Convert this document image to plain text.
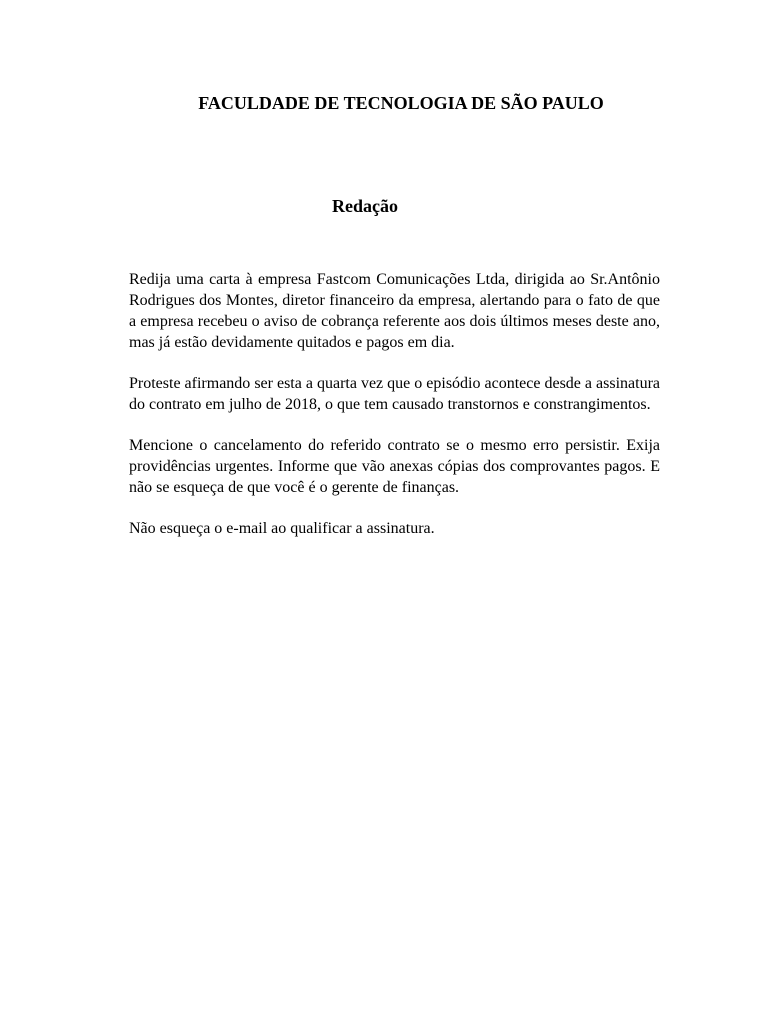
FACULDADE DE TECNOLOGIA DE SÃO PAULO
Redação

Redija uma carta à empresa Fastcom Comunicações Ltda, dirigida ao Sr.Antônio Rodrigues dos Montes, diretor financeiro da empresa, alertando para o fato de que a empresa recebeu o aviso de cobrança referente aos dois últimos meses deste ano, mas já estão devidamente quitados e pagos em dia.

Proteste afirmando ser esta a quarta vez que o episódio acontece desde a assinatura do contrato em julho de 2018, o que tem causado transtornos e constrangimentos.

Mencione o cancelamento do referido contrato se o mesmo erro persistir. Exija providências urgentes. Informe que vão anexas cópias dos comprovantes pagos. E não se esqueça de que você é o gerente de finanças.

Não esqueça o e-mail ao qualificar a assinatura.
